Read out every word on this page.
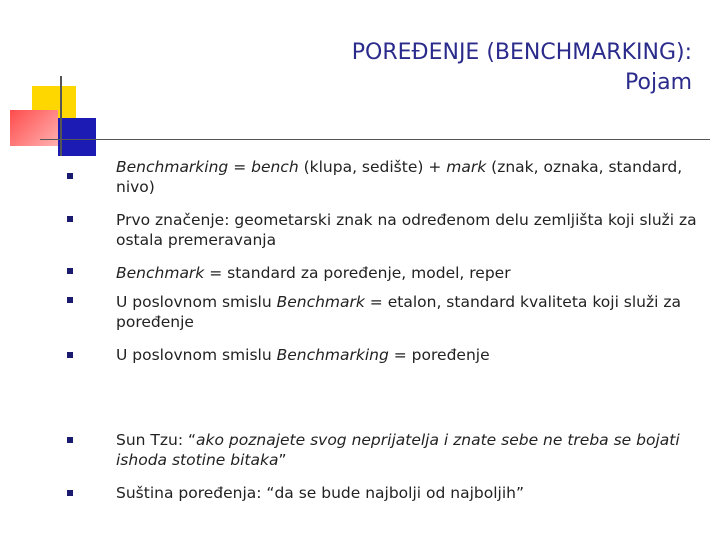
POREĐENJE (BENCHMARKING):
Pojam
Benchmarking = bench (klupa, sedište) + mark (znak, oznaka, standard, nivo)
Prvo značenje: geometarski znak na određenom delu zemljišta koji služi za ostala premeravanja
Benchmark = standard za poređenje, model, reper
U poslovnom smislu Benchmark = etalon, standard kvaliteta koji služi za poređenje
U poslovnom smislu Benchmarking = poređenje
Sun Tzu: “ako poznajete svog neprijatelja i znate sebe ne treba se bojati ishoda stotine bitaka”
Suština poređenja: “da se bude najbolji od najboljih”
